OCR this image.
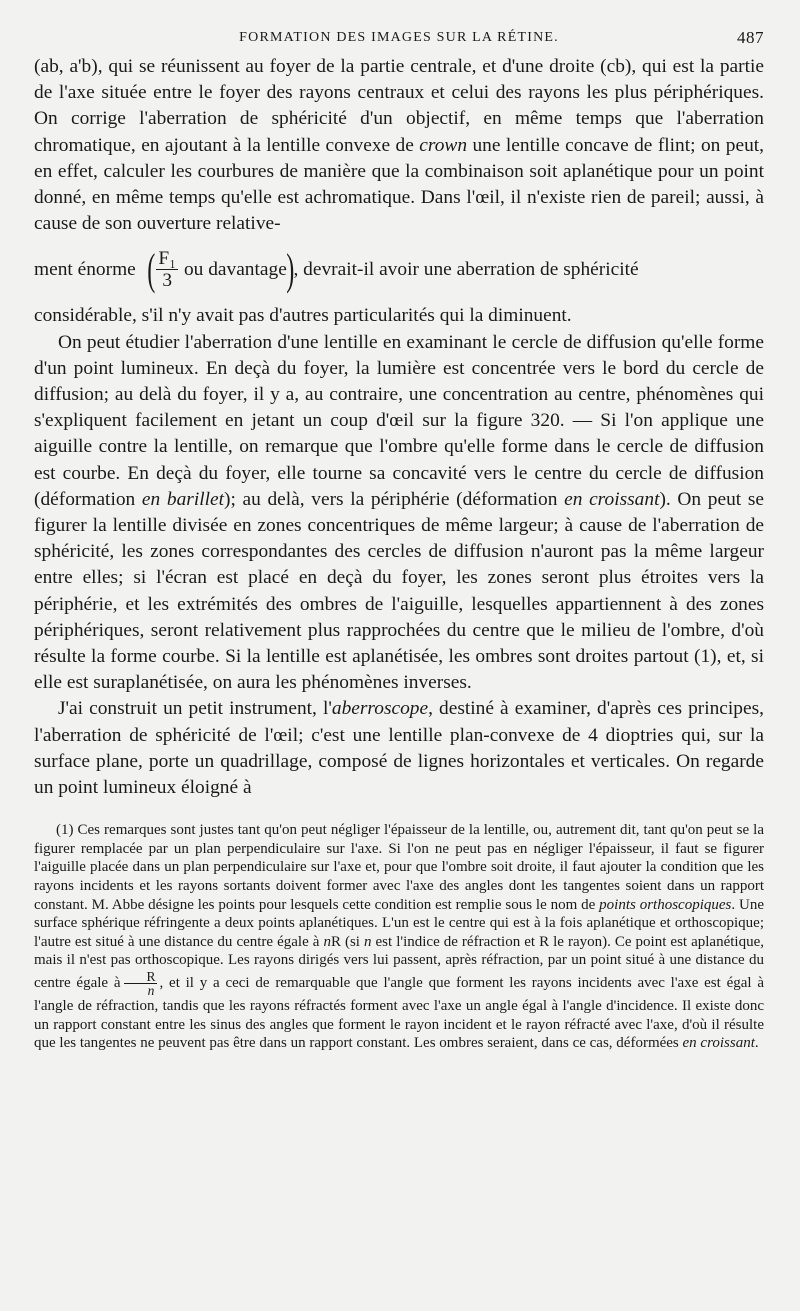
FORMATION DES IMAGES SUR LA RÉTINE.	487

(ab, a'b), qui se réunissent au foyer de la partie centrale, et d'une droite (cb), qui est la partie de l'axe située entre le foyer des rayons centraux et celui des rayons les plus périphériques. On corrige l'aberration de sphéricité d'un objectif, en même temps que l'aberration chromatique, en ajoutant à la lentille convexe de crown une lentille concave de flint; on peut, en effet, calculer les courbures de manière que la combinaison soit aplanétique pour un point donné, en même temps qu'elle est achromatique. Dans l'œil, il n'existe rien de pareil; aussi, à cause de son ouverture relative-

ment énorme ( $\frac{\text{F₁}}{3}$ ou davantage ) , devrait-il avoir une aberration de sphéricité

considérable, s'il n'y avait pas d'autres particularités qui la diminuent.

On peut étudier l'aberration d'une lentille en examinant le cercle de diffusion qu'elle forme d'un point lumineux. En deçà du foyer, la lumière est concentrée vers le bord du cercle de diffusion; au delà du foyer, il y a, au contraire, une concentration au centre, phénomènes qui s'expliquent facilement en jetant un coup d'œil sur la figure 320. — Si l'on applique une aiguille contre la lentille, on remarque que l'ombre qu'elle forme dans le cercle de diffusion est courbe. En deçà du foyer, elle tourne sa concavité vers le centre du cercle de diffusion (déformation en barillet); au delà, vers la périphérie (déformation en croissant). On peut se figurer la lentille divisée en zones concentriques de même largeur; à cause de l'aberration de sphéricité, les zones correspondantes des cercles de diffusion n'auront pas la même largeur entre elles; si l'écran est placé en deçà du foyer, les zones seront plus étroites vers la périphérie, et les extrémités des ombres de l'aiguille, lesquelles appartiennent à des zones périphériques, seront relativement plus rapprochées du centre que le milieu de l'ombre, d'où résulte la forme courbe. Si la lentille est aplanétisée, les ombres sont droites partout (1), et, si elle est suraplanétisée, on aura les phénomènes inverses.

J'ai construit un petit instrument, l'aberroscope, destiné à examiner, d'après ces principes, l'aberration de sphéricité de l'œil; c'est une lentille plan-convexe de 4 dioptries qui, sur la surface plane, porte un quadrillage, composé de lignes horizontales et verticales. On regarde un point lumineux éloigné à

(1) Ces remarques sont justes tant qu'on peut négliger l'épaisseur de la lentille, ou, autrement dit, tant qu'on peut se la figurer remplacée par un plan perpendiculaire sur l'axe. Si l'on ne peut pas en négliger l'épaisseur, il faut se figurer l'aiguille placée dans un plan perpendiculaire sur l'axe et, pour que l'ombre soit droite, il faut ajouter la condition que les rayons incidents et les rayons sortants doivent former avec l'axe des angles dont les tangentes soient dans un rapport constant. M. Abbe désigne les points pour lesquels cette condition est remplie sous le nom de points orthoscopiques. Une surface sphérique réfringente a deux points aplanétiques. L'un est le centre qui est à la fois aplanétique et orthoscopique; l'autre est situé à une distance du centre égale à nR (si n est l'indice de réfraction et R le rayon). Ce point est aplanétique, mais il n'est pas orthoscopique. Les rayons dirigés vers lui passent, après réfraction, par un point situé à une distance du centre égale à $\frac{R}{n}$ , et il y a ceci de remarquable que l'angle que forment les rayons incidents avec l'axe est égal à l'angle de réfraction, tandis que les rayons réfractés forment avec l'axe un angle égal à l'angle d'incidence. Il existe donc un rapport constant entre les sinus des angles que forment le rayon incident et le rayon réfracté avec l'axe, d'où il résulte que les tangentes ne peuvent pas être dans un rapport constant. Les ombres seraient, dans ce cas, déformées en croissant.
